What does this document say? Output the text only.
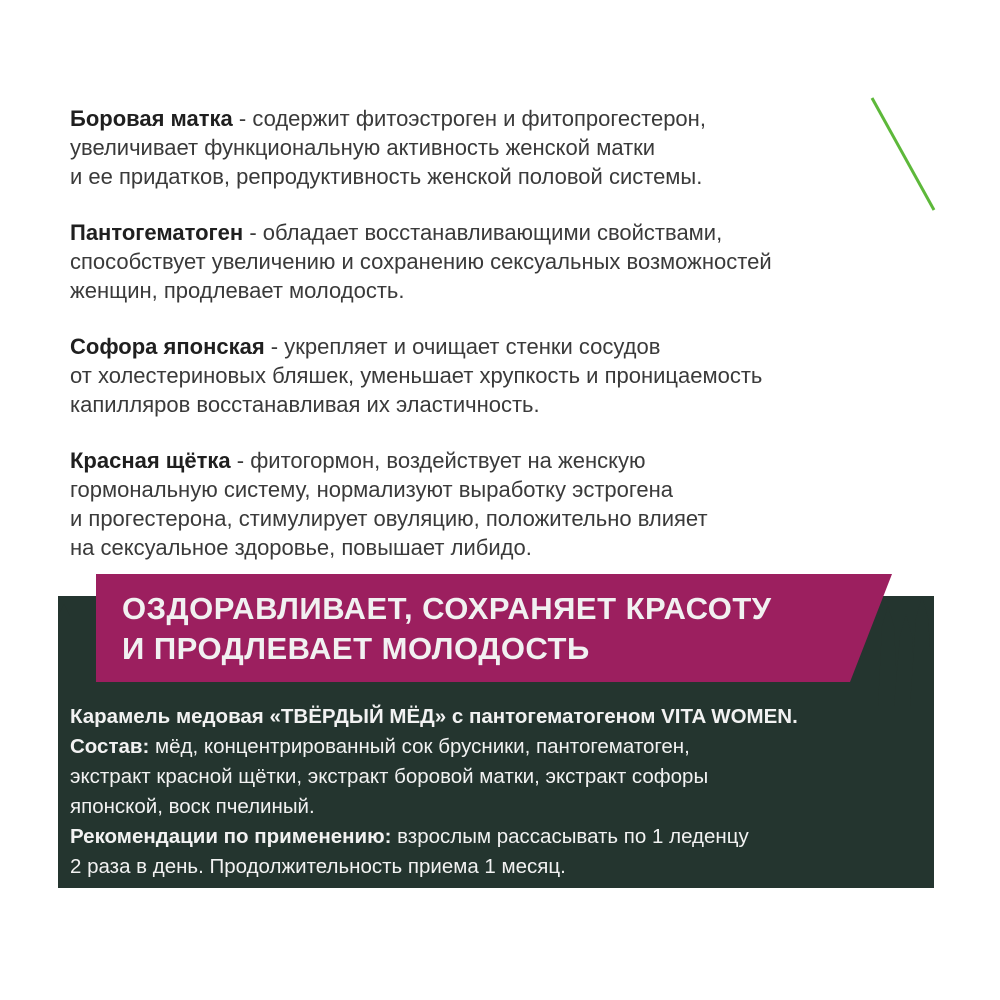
Боровая матка - содержит фитоэстроген и фитопрогестерон,
увеличивает функциональную активность женской матки
и ее придатков, репродуктивность женской половой системы.
Пантогематоген - обладает восстанавливающими свойствами,
способствует увеличению и сохранению сексуальных возможностей
женщин, продлевает молодость.
Софора японская - укрепляет и очищает стенки сосудов
от холестериновых бляшек, уменьшает хрупкость и проницаемость
капилляров восстанавливая их эластичность.
Красная щётка - фитогормон, воздействует на женскую
гормональную систему, нормализуют выработку эстрогена
и прогестерона, стимулирует овуляцию, положительно влияет
на сексуальное здоровье, повышает либидо.
ОЗДОРАВЛИВАЕТ, СОХРАНЯЕТ КРАСОТУ
И ПРОДЛЕВАЕТ МОЛОДОСТЬ
Карамель медовая «ТВЁРДЫЙ МЁД» с пантогематогеном VITA WOMEN.
Состав: мёд, концентрированный сок брусники, пантогематоген,
экстракт красной щётки, экстракт боровой матки, экстракт софоры
японской, воск пчелиный.
Рекомендации по применению: взрослым рассасывать по 1 леденцу
2 раза в день. Продолжительность приема 1 месяц.
